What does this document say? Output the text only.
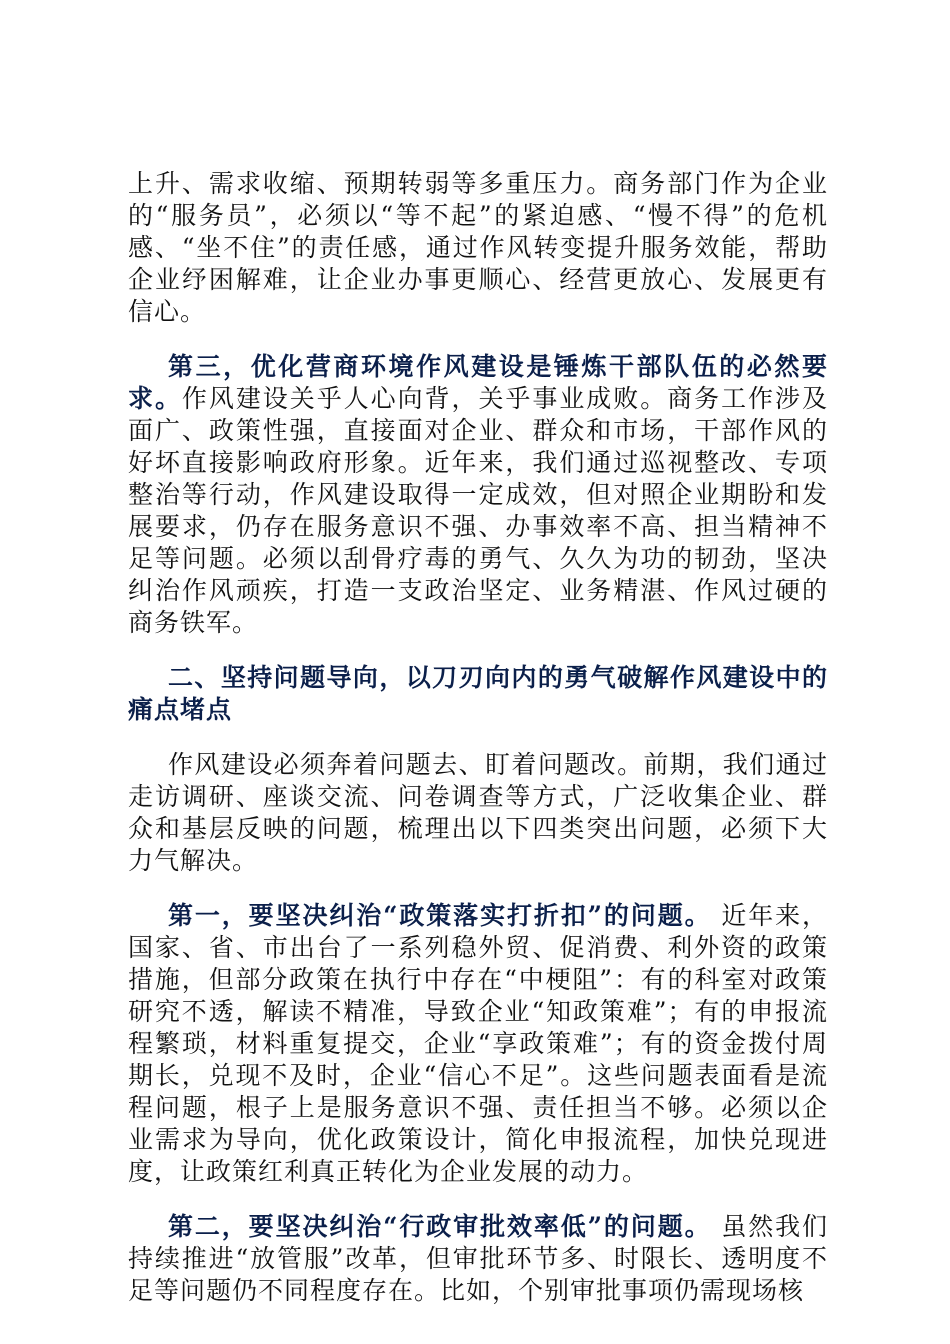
上升、需求收缩、预期转弱等多重压力。商务部门作为企业的“服务员”，必须以“等不起”的紧迫感、“慢不得”的危机感、“坐不住”的责任感，通过作风转变提升服务效能，帮助企业纾困解难，让企业办事更顺心、经营更放心、发展更有信心。

第三，优化营商环境作风建设是锤炼干部队伍的必然要求。作风建设关乎人心向背，关乎事业成败。商务工作涉及面广、政策性强，直接面对企业、群众和市场，干部作风的好坏直接影响政府形象。近年来，我们通过巡视整改、专项整治等行动，作风建设取得一定成效，但对照企业期盼和发展要求，仍存在服务意识不强、办事效率不高、担当精神不足等问题。必须以刮骨疗毒的勇气、久久为功的韧劲，坚决纠治作风顽疾，打造一支政治坚定、业务精湛、作风过硬的商务铁军。

二、坚持问题导向，以刀刃向内的勇气破解作风建设中的痛点堵点

作风建设必须奔着问题去、盯着问题改。前期，我们通过走访调研、座谈交流、问卷调查等方式，广泛收集企业、群众和基层反映的问题，梳理出以下四类突出问题，必须下大力气解决。

第一，要坚决纠治“政策落实打折扣”的问题。 近年来，国家、省、市出台了一系列稳外贸、促消费、利外资的政策措施，但部分政策在执行中存在“中梗阻”：有的科室对政策研究不透，解读不精准，导致企业“知政策难”；有的申报流程繁琐，材料重复提交，企业“享政策难”；有的资金拨付周期长，兑现不及时，企业“信心不足”。这些问题表面看是流程问题，根子上是服务意识不强、责任担当不够。必须以企业需求为导向，优化政策设计，简化申报流程，加快兑现进度，让政策红利真正转化为企业发展的动力。

第二，要坚决纠治“行政审批效率低”的问题。 虽然我们持续推进“放管服”改革，但审批环节多、时限长、透明度不足等问题仍不同程度存在。比如，个别审批事项仍需现场核
